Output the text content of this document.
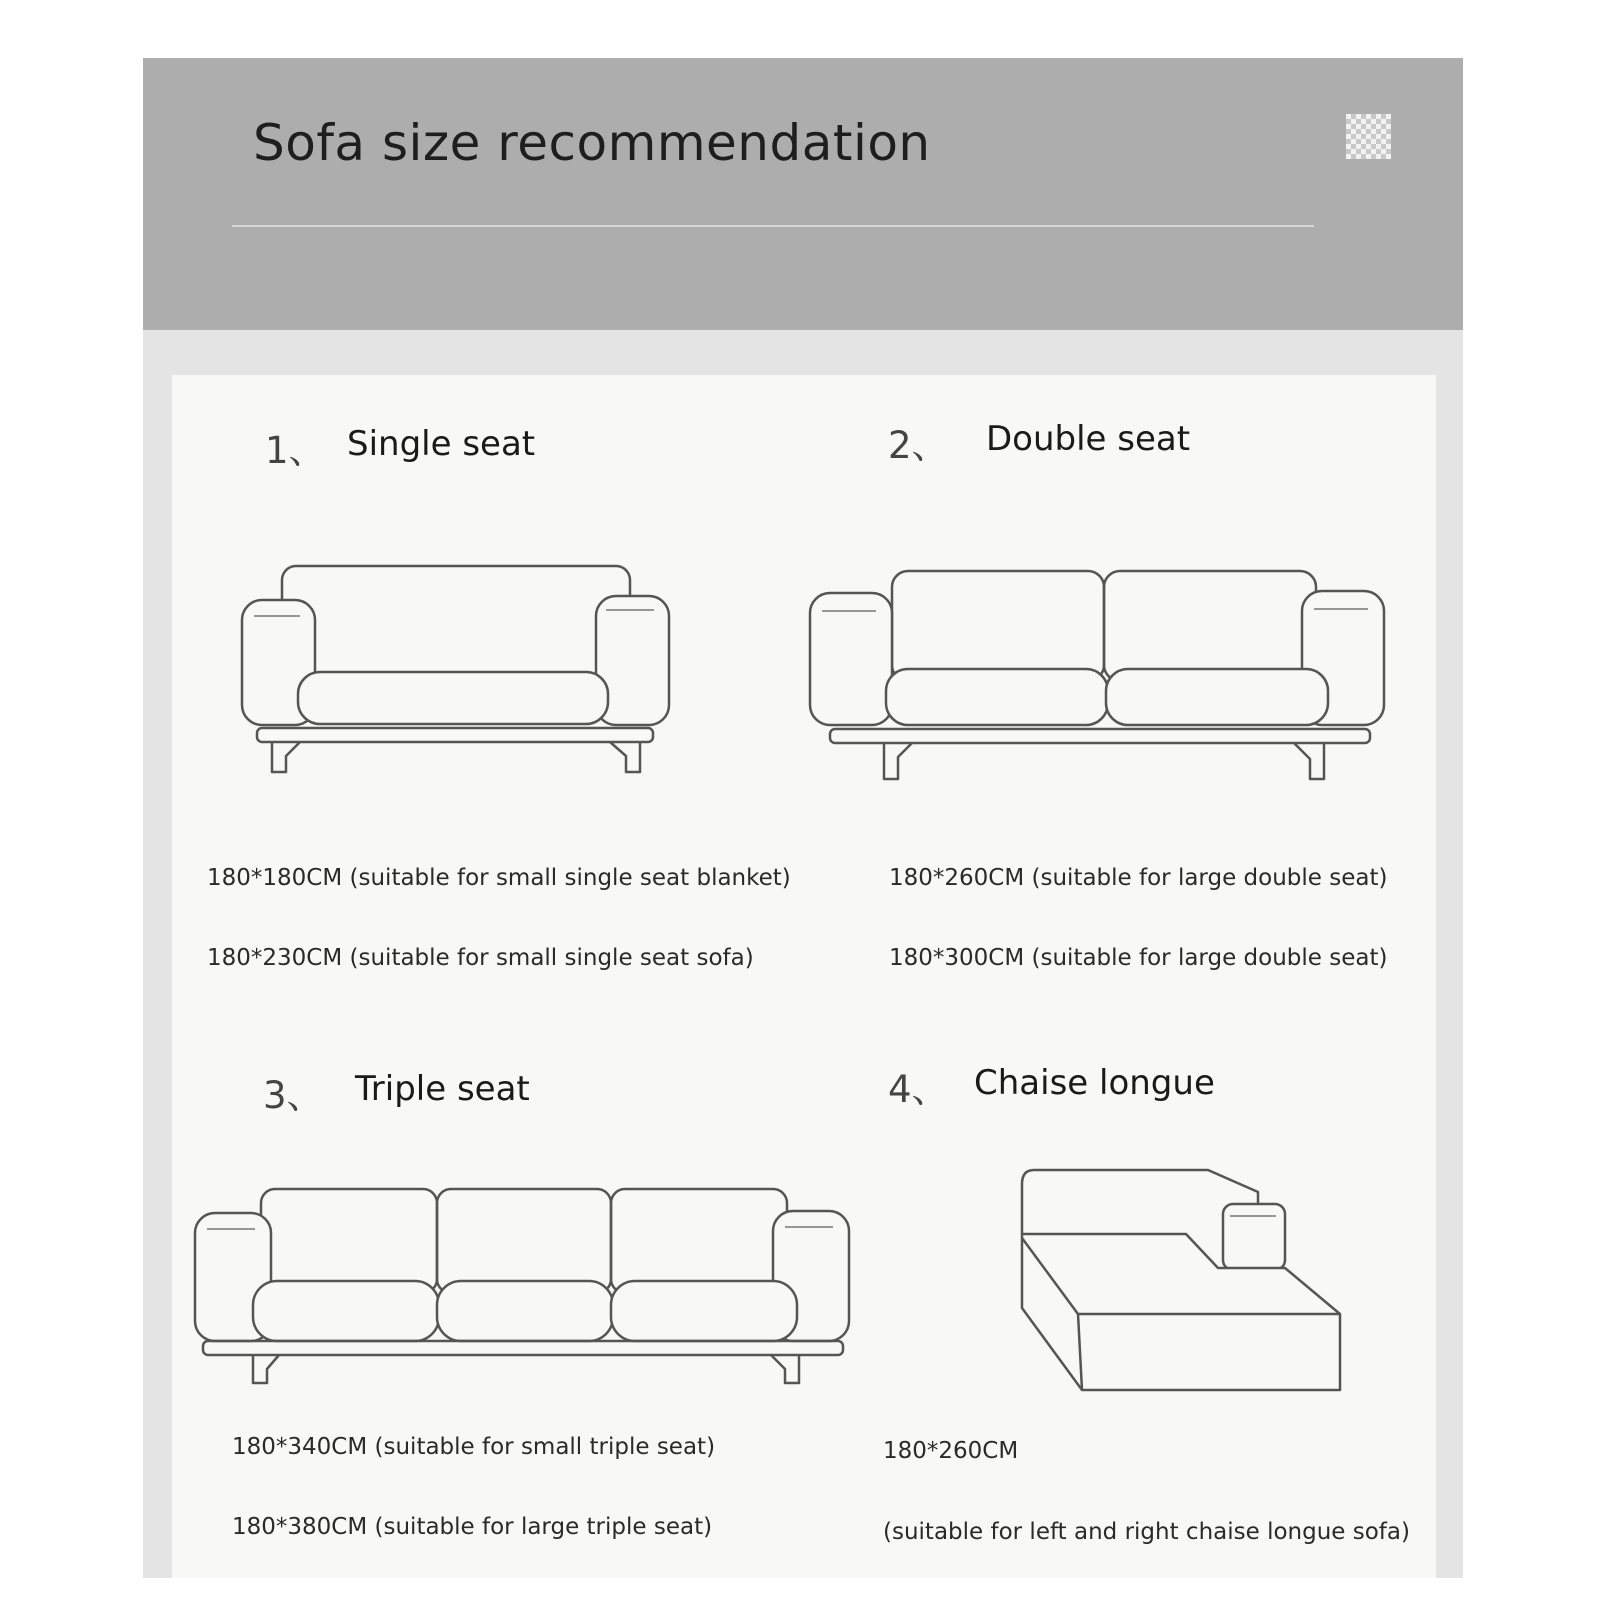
Sofa size recommendation
1、 Single seat
180*180CM (suitable for small single seat blanket)
180*230CM (suitable for small single seat sofa)
2、 Double seat
180*260CM (suitable for large double seat)
180*300CM (suitable for large double seat)
3、 Triple seat
180*340CM (suitable for small triple seat)
180*380CM (suitable for large triple seat)
4、 Chaise longue
180*260CM
(suitable for left and right chaise longue sofa)
